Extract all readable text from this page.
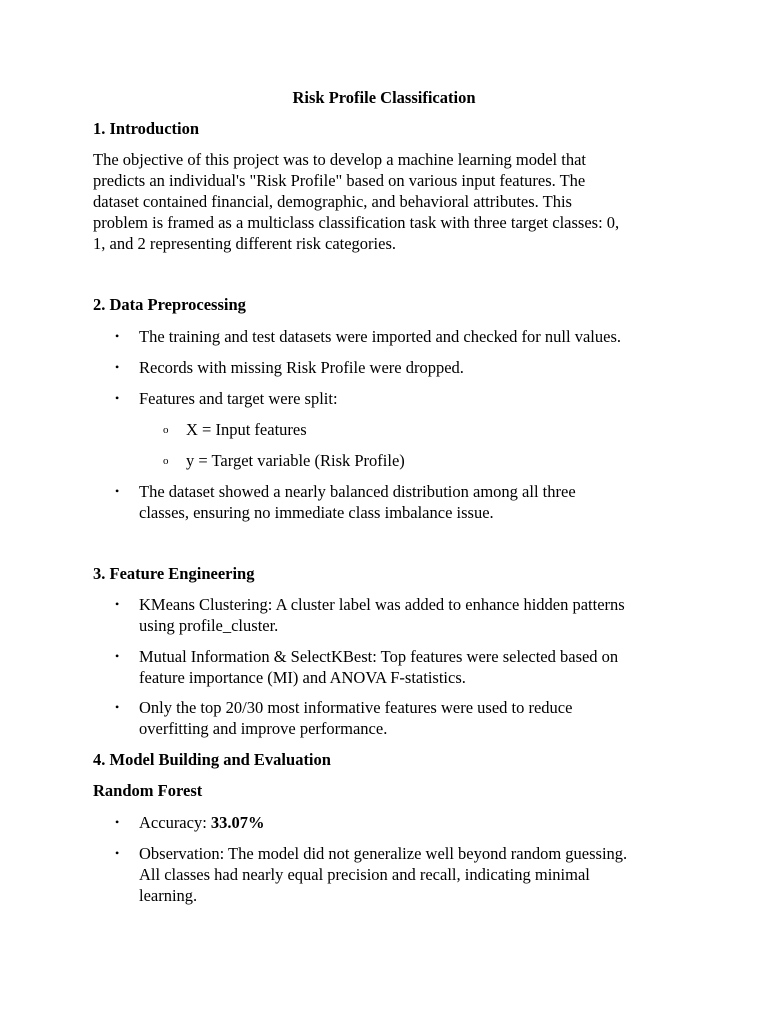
Risk Profile Classification
1. Introduction
The objective of this project was to develop a machine learning model that
predicts an individual's "Risk Profile" based on various input features. The
dataset contained financial, demographic, and behavioral attributes. This
problem is framed as a multiclass classification task with three target classes: 0,
1, and 2 representing different risk categories.
2. Data Preprocessing
• The training and test datasets were imported and checked for null values.
• Records with missing Risk Profile were dropped.
• Features and target were split:
o X = Input features
o y = Target variable (Risk Profile)
• The dataset showed a nearly balanced distribution among all three
classes, ensuring no immediate class imbalance issue.
3. Feature Engineering
• KMeans Clustering: A cluster label was added to enhance hidden patterns
using profile_cluster.
• Mutual Information & SelectKBest: Top features were selected based on
feature importance (MI) and ANOVA F-statistics.
• Only the top 20/30 most informative features were used to reduce
overfitting and improve performance.
4. Model Building and Evaluation
Random Forest
• Accuracy: 33.07%
• Observation: The model did not generalize well beyond random guessing.
All classes had nearly equal precision and recall, indicating minimal
learning.
